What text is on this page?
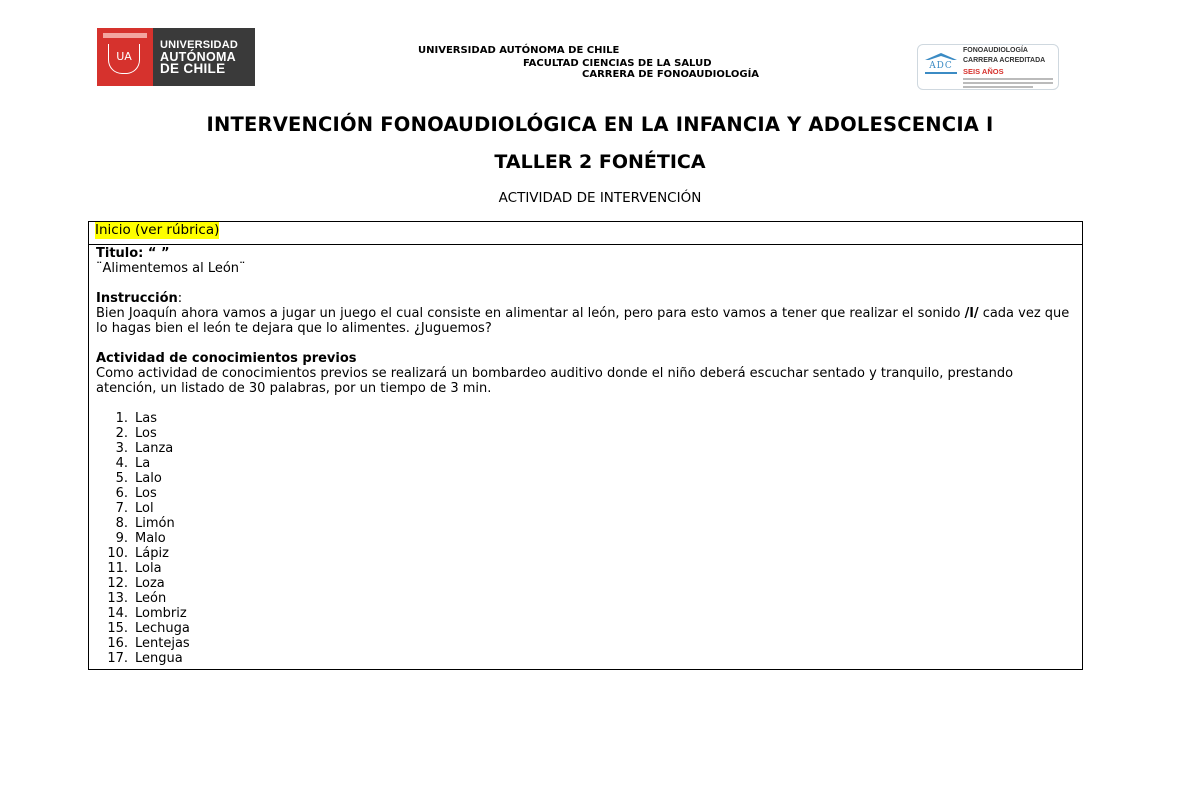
UA
UNIVERSIDAD
AUTÓNOMA
DE CHILE
UNIVERSIDAD AUTÓNOMA DE CHILE
FACULTAD CIENCIAS DE LA SALUD
CARRERA DE FONOAUDIOLOGÍA
ADC
FONOAUDIOLOGÍA
CARRERA ACREDITADA
SEIS AÑOS
INTERVENCIÓN FONOAUDIOLÓGICA EN LA INFANCIA Y ADOLESCENCIA I
TALLER 2 FONÉTICA
ACTIVIDAD DE INTERVENCIÓN
Inicio (ver rúbrica)

Titulo: “ ”

¨Alimentemos al León¨

Instrucción:

Bien Joaquín ahora vamos a jugar un juego el cual consiste en alimentar al león, pero para esto vamos a tener que realizar el sonido /l/ cada vez que lo hagas bien el león te dejara que lo alimentes. ¿Juguemos?

Actividad de conocimientos previos

Como actividad de conocimientos previos se realizará un bombardeo auditivo donde el niño deberá escuchar sentado y tranquilo, prestando atención, un listado de 30 palabras, por un tiempo de 3 min.

1. Las
2. Los
3. Lanza
4. La
5. Lalo
6. Los
7. Lol
8. Limón
9. Malo
10. Lápiz
11. Lola
12. Loza
13. León
14. Lombriz
15. Lechuga
16. Lentejas
17. Lengua
